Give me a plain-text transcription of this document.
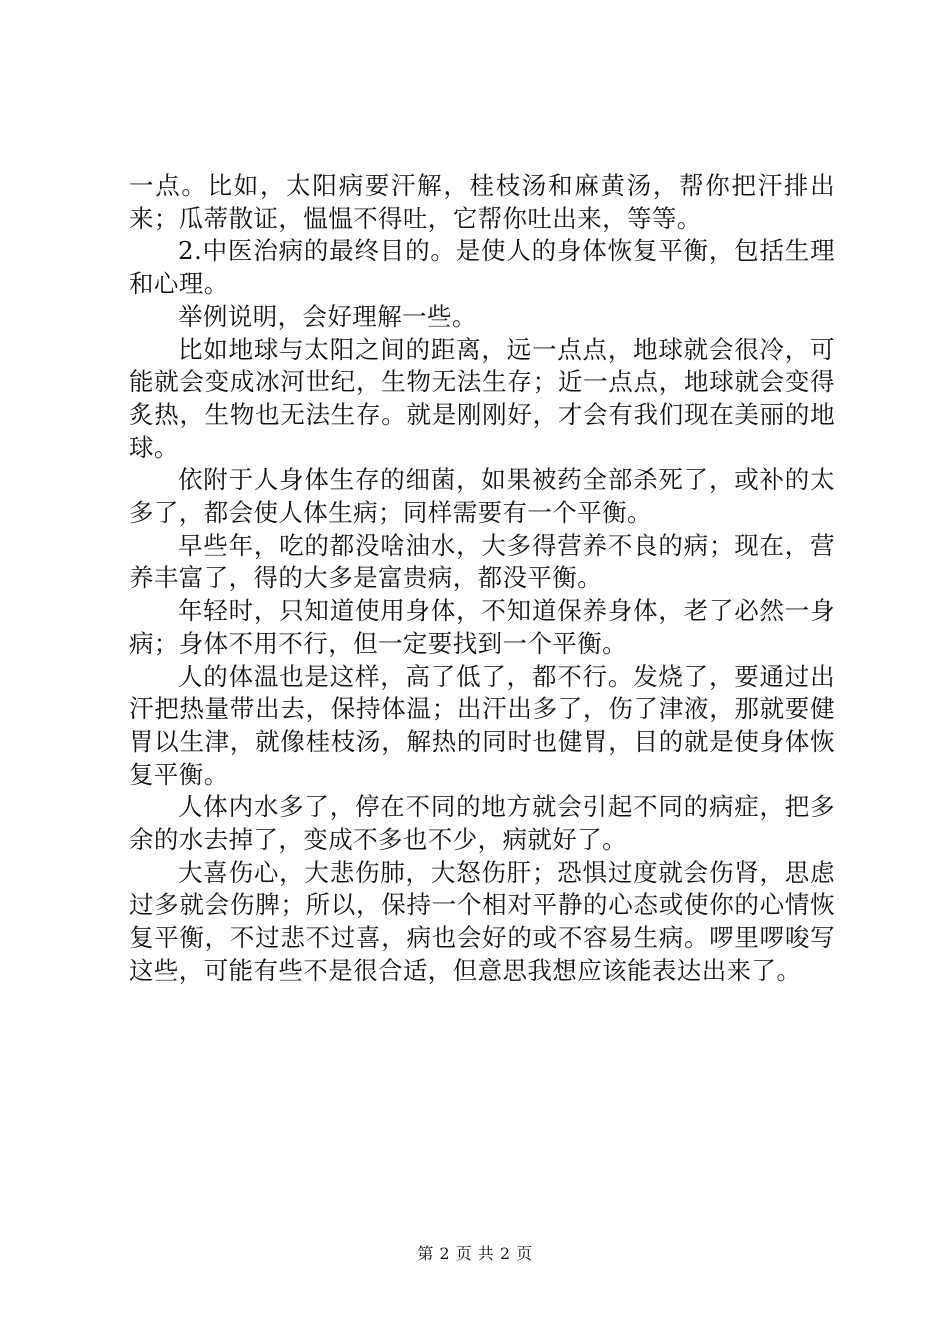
一点。比如，太阳病要汗解，桂枝汤和麻黄汤，帮你把汗排出来；瓜蒂散证，愠愠不得吐，它帮你吐出来，等等。

2.中医治病的最终目的。是使人的身体恢复平衡，包括生理和心理。

举例说明，会好理解一些。

比如地球与太阳之间的距离，远一点点，地球就会很冷，可能就会变成冰河世纪，生物无法生存；近一点点，地球就会变得炙热，生物也无法生存。就是刚刚好，才会有我们现在美丽的地球。

依附于人身体生存的细菌，如果被药全部杀死了，或补的太多了，都会使人体生病；同样需要有一个平衡。

早些年，吃的都没啥油水，大多得营养不良的病；现在，营养丰富了，得的大多是富贵病，都没平衡。

年轻时，只知道使用身体，不知道保养身体，老了必然一身病；身体不用不行，但一定要找到一个平衡。

人的体温也是这样，高了低了，都不行。发烧了，要通过出汗把热量带出去，保持体温；出汗出多了，伤了津液，那就要健胃以生津，就像桂枝汤，解热的同时也健胃，目的就是使身体恢复平衡。

人体内水多了，停在不同的地方就会引起不同的病症，把多余的水去掉了，变成不多也不少，病就好了。

大喜伤心，大悲伤肺，大怒伤肝；恐惧过度就会伤肾，思虑过多就会伤脾；所以，保持一个相对平静的心态或使你的心情恢复平衡，不过悲不过喜，病也会好的或不容易生病。啰里啰唆写这些，可能有些不是很合适，但意思我想应该能表达出来了。

第 2 页 共 2 页
